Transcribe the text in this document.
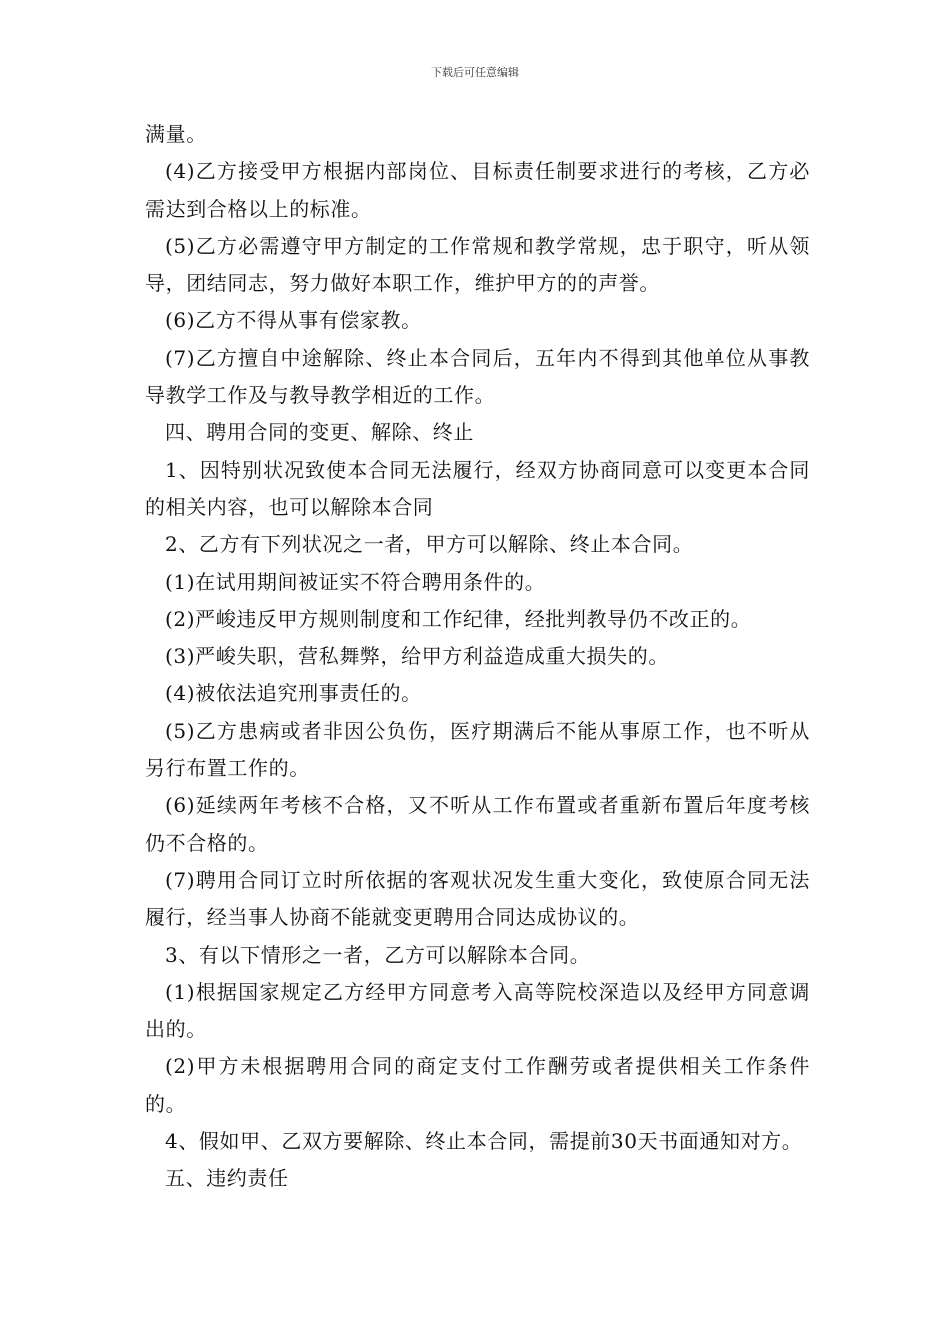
下载后可任意编辑

满量。

(4)乙方接受甲方根据内部岗位、目标责任制要求进行的考核，乙方必需达到合格以上的标准。

(5)乙方必需遵守甲方制定的工作常规和教学常规，忠于职守，听从领导，团结同志，努力做好本职工作，维护甲方的的声誉。

(6)乙方不得从事有偿家教。

(7)乙方擅自中途解除、终止本合同后，五年内不得到其他单位从事教导教学工作及与教导教学相近的工作。

四、聘用合同的变更、解除、终止

1、因特别状况致使本合同无法履行，经双方协商同意可以变更本合同的相关内容，也可以解除本合同

2、乙方有下列状况之一者，甲方可以解除、终止本合同。

(1)在试用期间被证实不符合聘用条件的。

(2)严峻违反甲方规则制度和工作纪律，经批判教导仍不改正的。

(3)严峻失职，营私舞弊，给甲方利益造成重大损失的。

(4)被依法追究刑事责任的。

(5)乙方患病或者非因公负伤，医疗期满后不能从事原工作，也不听从另行布置工作的。

(6)延续两年考核不合格，又不听从工作布置或者重新布置后年度考核仍不合格的。

(7)聘用合同订立时所依据的客观状况发生重大变化，致使原合同无法履行，经当事人协商不能就变更聘用合同达成协议的。

3、有以下情形之一者，乙方可以解除本合同。

(1)根据国家规定乙方经甲方同意考入高等院校深造以及经甲方同意调出的。

(2)甲方未根据聘用合同的商定支付工作酬劳或者提供相关工作条件的。

4、假如甲、乙双方要解除、终止本合同，需提前30天书面通知对方。

五、违约责任
